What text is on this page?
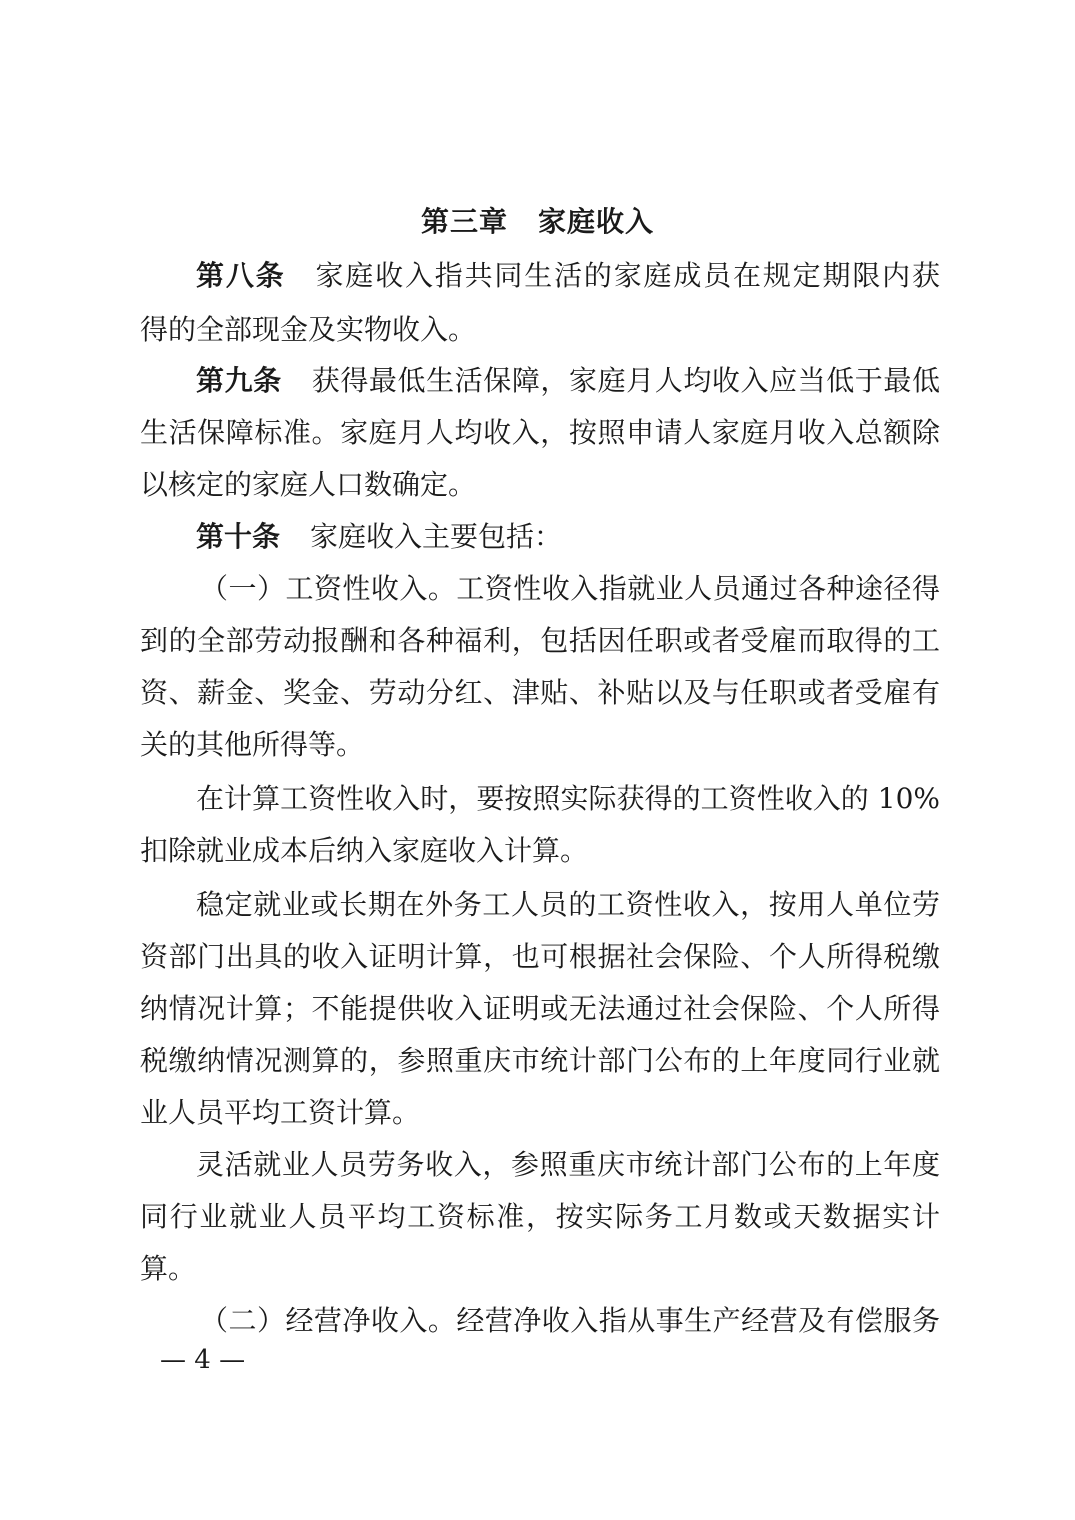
第三章 家庭收入
第八条 家庭收入指共同生活的家庭成员在规定期限内获
得的全部现金及实物收入。
第九条 获得最低生活保障，家庭月人均收入应当低于最低
生活保障标准。家庭月人均收入，按照申请人家庭月收入总额除
以核定的家庭人口数确定。
第十条 家庭收入主要包括：
（一）工资性收入。工资性收入指就业人员通过各种途径得
到的全部劳动报酬和各种福利，包括因任职或者受雇而取得的工
资、薪金、奖金、劳动分红、津贴、补贴以及与任职或者受雇有
关的其他所得等。
在计算工资性收入时，要按照实际获得的工资性收入的 10%
扣除就业成本后纳入家庭收入计算。
稳定就业或长期在外务工人员的工资性收入，按用人单位劳
资部门出具的收入证明计算，也可根据社会保险、个人所得税缴
纳情况计算；不能提供收入证明或无法通过社会保险、个人所得
税缴纳情况测算的，参照重庆市统计部门公布的上年度同行业就
业人员平均工资计算。
灵活就业人员劳务收入，参照重庆市统计部门公布的上年度
同行业就业人员平均工资标准，按实际务工月数或天数据实计
算。
（二）经营净收入。经营净收入指从事生产经营及有偿服务
— 4 —
